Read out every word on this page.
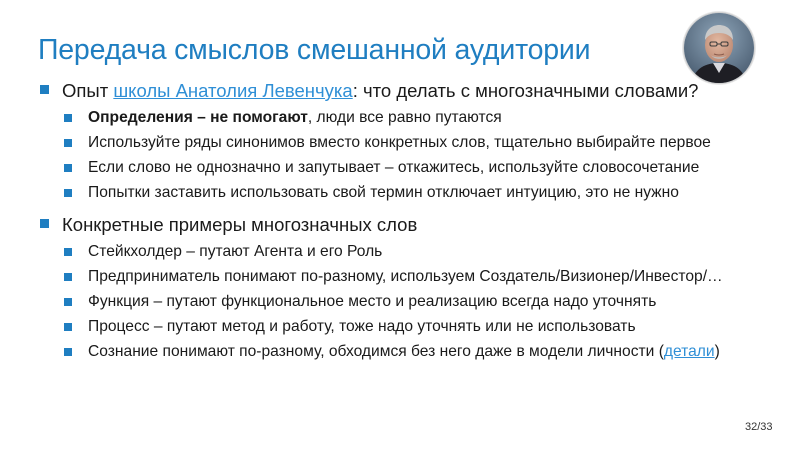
Передача смыслов смешанной аудитории
Опыт школы Анатолия Левенчука: что делать с многозначными словами?
Определения – не помогают, люди все равно путаются
Используйте ряды синонимов вместо конкретных слов, тщательно выбирайте первое
Если слово не однозначно и запутывает – откажитесь, используйте словосочетание
Попытки заставить использовать свой термин отключает интуицию, это не нужно
Конкретные примеры многозначных слов
Стейкхолдер – путают Агента и его Роль
Предприниматель понимают по-разному, используем Создатель/Визионер/Инвестор/…
Функция – путают функциональное место и реализацию всегда надо уточнять
Процесс – путают метод и работу, тоже надо уточнять или не использовать
Сознание понимают по-разному, обходимся без него даже в модели личности (детали)
32/33
